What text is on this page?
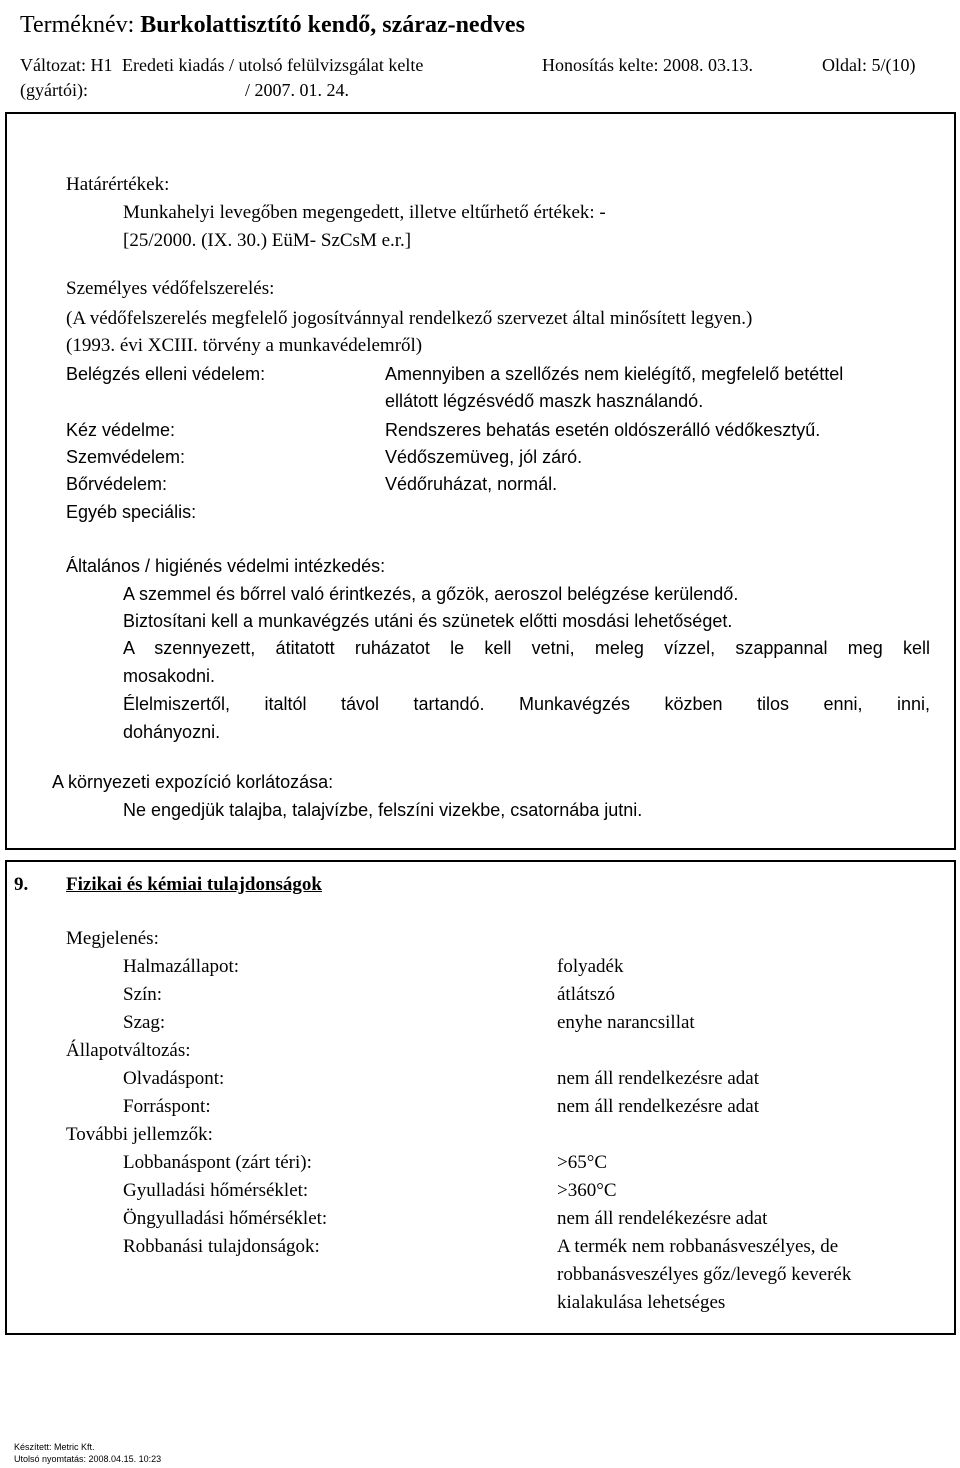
Terméknév: Burkolattisztító kendő, száraz-nedves
Változat: H1 Eredeti kiadás / utolsó felülvizsgálat kelte
(gyártói):	/ 2007. 01. 24.
Honosítás kelte: 2008. 03.13.	Oldal: 5/(10)
Határértékek:
Munkahelyi levegőben megengedett, illetve eltűrhető értékek: -
[25/2000. (IX. 30.) EüM- SzCsM e.r.]
Személyes védőfelszerelés:
(A védőfelszerelés megfelelő jogosítvánnyal rendelkező szervezet által minősített legyen.)
(1993. évi XCIII. törvény a munkavédelemről)
Belégzés elleni védelem:	Amennyiben a szellőzés nem kielégítő, megfelelő betéttel
ellátott légzésvédő maszk használandó.
Kéz védelme:	Rendszeres behatás esetén oldószerálló védőkesztyű.
Szemvédelem:	Védőszemüveg, jól záró.
Bőrvédelem:	Védőruházat, normál.
Egyéb speciális:
Általános / higiénés védelmi intézkedés:
A szemmel és bőrrel való érintkezés, a gőzök, aeroszol belégzése kerülendő.
Biztosítani kell a munkavégzés utáni és szünetek előtti mosdási lehetőséget.
A szennyezett, átitatott ruházatot le kell vetni, meleg vízzel, szappannal meg kell
mosakodni.
Élelmiszertől, italtól távol tartandó. Munkavégzés közben tilos enni, inni,
dohányozni.
A környezeti expozíció korlátozása:
Ne engedjük talajba, talajvízbe, felszíni vizekbe, csatornába jutni.
9. Fizikai és kémiai tulajdonságok
Megjelenés:
Halmazállapot:	folyadék
Szín:	átlátszó
Szag:	enyhe narancsillat
Állapotváltozás:
Olvadáspont:	nem áll rendelkezésre adat
Forráspont:	nem áll rendelkezésre adat
További jellemzők:
Lobbanáspont (zárt téri):	>65°C
Gyulladási hőmérséklet:	>360°C
Öngyulladási hőmérséklet:	nem áll rendelékezésre adat
Robbanási tulajdonságok:	A termék nem robbanásveszélyes, de
robbanásveszélyes gőz/levegő keverék
kialakulása lehetséges
Készített: Metric Kft.
Utolsó nyomtatás: 2008.04.15. 10:23
